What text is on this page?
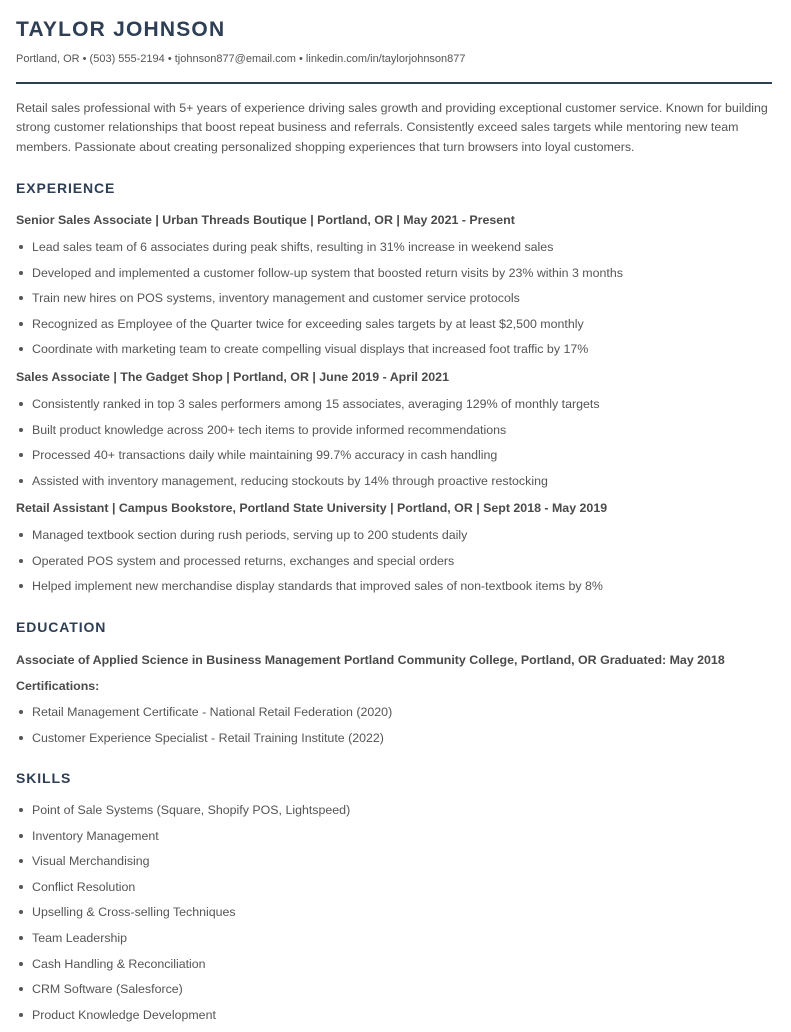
TAYLOR JOHNSON
Portland, OR • (503) 555-2194 • tjohnson877@email.com • linkedin.com/in/taylorjohnson877

Retail sales professional with 5+ years of experience driving sales growth and providing exceptional customer service. Known for building strong customer relationships that boost repeat business and referrals. Consistently exceed sales targets while mentoring new team members. Passionate about creating personalized shopping experiences that turn browsers into loyal customers.

EXPERIENCE
Senior Sales Associate | Urban Threads Boutique | Portland, OR | May 2021 - Present
Lead sales team of 6 associates during peak shifts, resulting in 31% increase in weekend sales
Developed and implemented a customer follow-up system that boosted return visits by 23% within 3 months
Train new hires on POS systems, inventory management and customer service protocols
Recognized as Employee of the Quarter twice for exceeding sales targets by at least $2,500 monthly
Coordinate with marketing team to create compelling visual displays that increased foot traffic by 17%
Sales Associate | The Gadget Shop | Portland, OR | June 2019 - April 2021
Consistently ranked in top 3 sales performers among 15 associates, averaging 129% of monthly targets
Built product knowledge across 200+ tech items to provide informed recommendations
Processed 40+ transactions daily while maintaining 99.7% accuracy in cash handling
Assisted with inventory management, reducing stockouts by 14% through proactive restocking
Retail Assistant | Campus Bookstore, Portland State University | Portland, OR | Sept 2018 - May 2019
Managed textbook section during rush periods, serving up to 200 students daily
Operated POS system and processed returns, exchanges and special orders
Helped implement new merchandise display standards that improved sales of non-textbook items by 8%
EDUCATION
Associate of Applied Science in Business Management Portland Community College, Portland, OR Graduated: May 2018
Certifications:
Retail Management Certificate - National Retail Federation (2020)
Customer Experience Specialist - Retail Training Institute (2022)
SKILLS
Point of Sale Systems (Square, Shopify POS, Lightspeed)
Inventory Management
Visual Merchandising
Conflict Resolution
Upselling & Cross-selling Techniques
Team Leadership
Cash Handling & Reconciliation
CRM Software (Salesforce)
Product Knowledge Development
